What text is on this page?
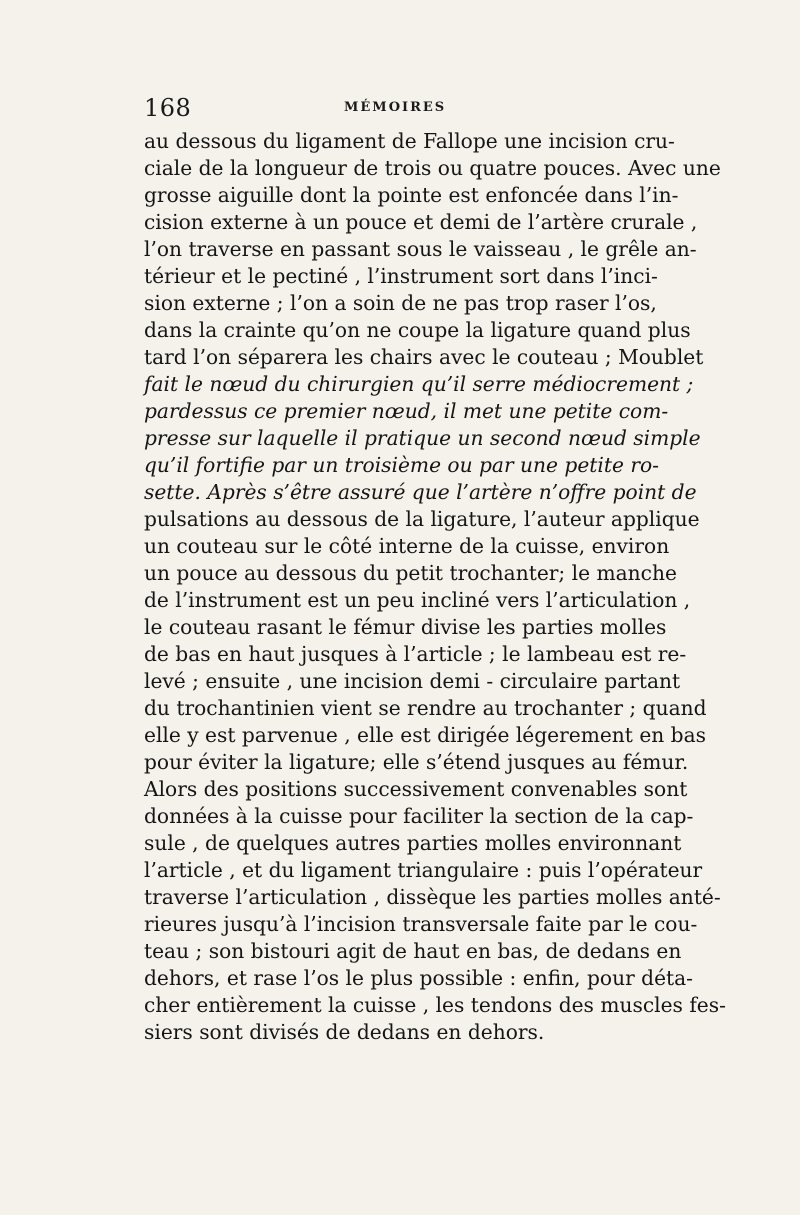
168	MÉMOIRES
au dessous du ligament de Fallope une incision cru-
ciale de la longueur de trois ou quatre pouces. Avec une
grosse aiguille dont la pointe est enfoncée dans l’in-
cision externe à un pouce et demi de l’artère crurale ,
l’on traverse en passant sous le vaisseau , le grêle an-
térieur et le pectiné , l’instrument sort dans l’inci-
sion externe ; l’on a soin de ne pas trop raser l’os,
dans la crainte qu’on ne coupe la ligature quand plus
tard l’on séparera les chairs avec le couteau ; Moublet
fait le nœud du chirurgien qu’il serre médiocrement ;
pardessus ce premier nœud, il met une petite com-
presse sur laquelle il pratique un second nœud simple
qu’il fortifie par un troisième ou par une petite ro-
sette. Après s’être assuré que l’artère n’offre point de
pulsations au dessous de la ligature, l’auteur applique
un couteau sur le côté interne de la cuisse, environ
un pouce au dessous du petit trochanter; le manche
de l’instrument est un peu incliné vers l’articulation ,
le couteau rasant le fémur divise les parties molles
de bas en haut jusques à l’article ; le lambeau est re-
levé ; ensuite , une incision demi - circulaire partant
du trochantinien vient se rendre au trochanter ; quand
elle y est parvenue , elle est dirigée légerement en bas
pour éviter la ligature; elle s’étend jusques au fémur.
Alors des positions successivement convenables sont
données à la cuisse pour faciliter la section de la cap-
sule , de quelques autres parties molles environnant
l’article , et du ligament triangulaire : puis l’opérateur
traverse l’articulation , dissèque les parties molles anté-
rieures jusqu’à l’incision transversale faite par le cou-
teau ; son bistouri agit de haut en bas, de dedans en
dehors, et rase l’os le plus possible : enfin, pour déta-
cher entièrement la cuisse , les tendons des muscles fes-
siers sont divisés de dedans en dehors.
